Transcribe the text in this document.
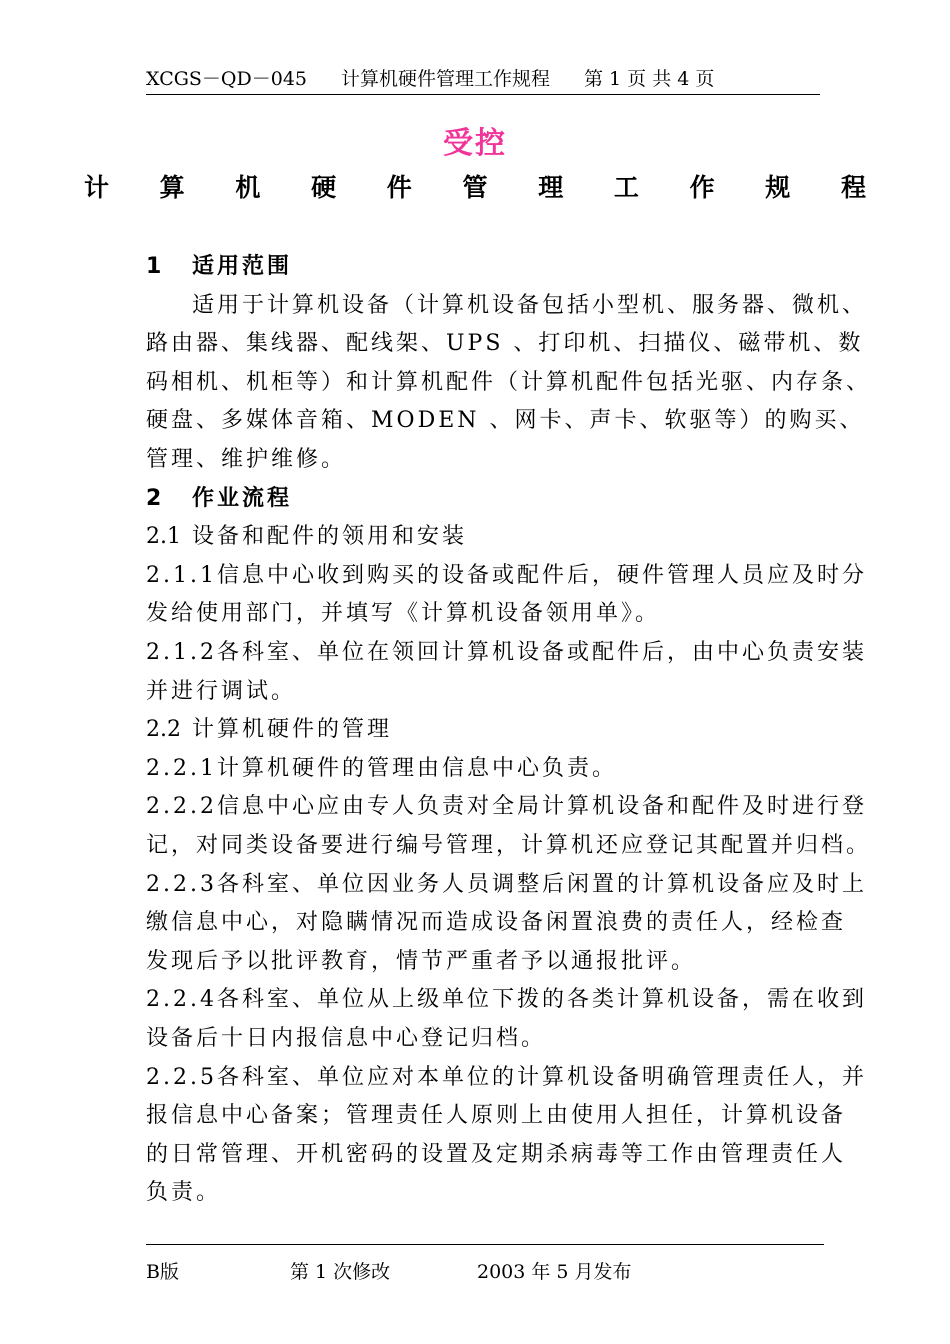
XCGS－QD－045 计算机硬件管理工作规程 第 1 页 共 4 页
受控
计 算 机 硬 件 管 理 工 作 规 程
1 适用范围
适用于计算机设备（计算机设备包括小型机、服务器、微机、
路由器、集线器、配线架、UPS 、打印机、扫描仪、磁带机、数
码相机、机柜等）和计算机配件（计算机配件包括光驱、内存条、
硬盘、多媒体音箱、MODEN 、网卡、声卡、软驱等）的购买、
管理、维护维修。
2 作业流程
2.1 设备和配件的领用和安装
2.1.1信息中心收到购买的设备或配件后，硬件管理人员应及时分
发给使用部门，并填写《计算机设备领用单》。
2.1.2各科室、单位在领回计算机设备或配件后，由中心负责安装
并进行调试。
2.2 计算机硬件的管理
2.2.1计算机硬件的管理由信息中心负责。
2.2.2信息中心应由专人负责对全局计算机设备和配件及时进行登
记，对同类设备要进行编号管理，计算机还应登记其配置并归档。
2.2.3各科室、单位因业务人员调整后闲置的计算机设备应及时上
缴信息中心，对隐瞒情况而造成设备闲置浪费的责任人，经检查
发现后予以批评教育，情节严重者予以通报批评。
2.2.4各科室、单位从上级单位下拨的各类计算机设备，需在收到
设备后十日内报信息中心登记归档。
2.2.5各科室、单位应对本单位的计算机设备明确管理责任人，并
报信息中心备案；管理责任人原则上由使用人担任，计算机设备
的日常管理、开机密码的设置及定期杀病毒等工作由管理责任人
负责。
B版	第 1 次修改	2003 年 5 月发布
